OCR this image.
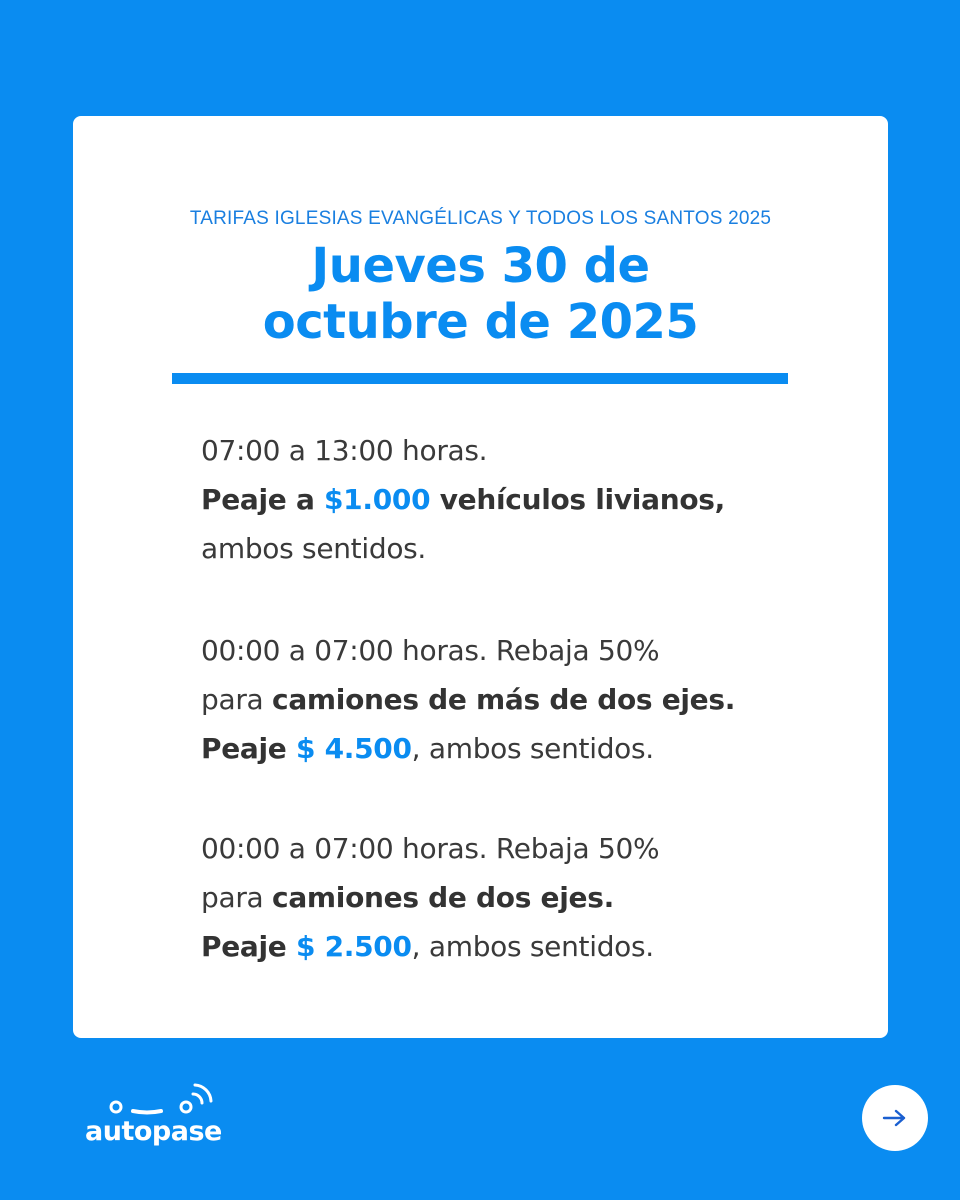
TARIFAS IGLESIAS EVANGÉLICAS Y TODOS LOS SANTOS 2025
Jueves 30 de
octubre de 2025
07:00 a 13:00 horas.
Peaje a $1.000 vehículos livianos,
ambos sentidos.
00:00 a 07:00 horas. Rebaja 50%
para camiones de más de dos ejes.
Peaje $ 4.500, ambos sentidos.
00:00 a 07:00 horas. Rebaja 50%
para camiones de dos ejes.
Peaje $ 2.500, ambos sentidos.
autopase
